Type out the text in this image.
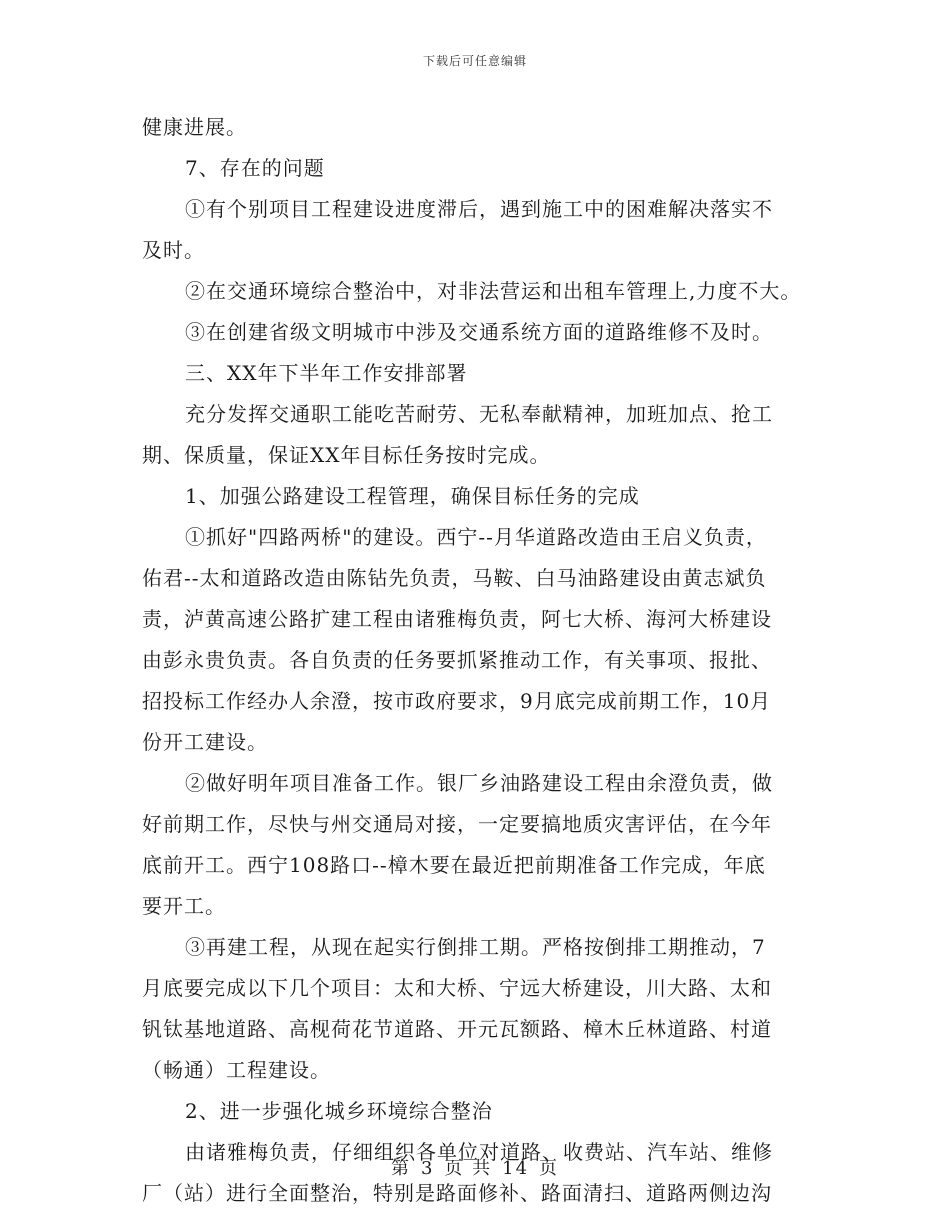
下载后可任意编辑
健康进展。
7、存在的问题
①有个别项目工程建设进度滞后，遇到施工中的困难解决落实不
及时。
②在交通环境综合整治中，对非法营运和出租车管理上,力度不大。
③在创建省级文明城市中涉及交通系统方面的道路维修不及时。
三、XX年下半年工作安排部署
充分发挥交通职工能吃苦耐劳、无私奉献精神，加班加点、抢工
期、保质量，保证XX年目标任务按时完成。
1、加强公路建设工程管理，确保目标任务的完成
①抓好"四路两桥"的建设。西宁--月华道路改造由王启义负责，
佑君--太和道路改造由陈钻先负责，马鞍、白马油路建设由黄志斌负
责，泸黄高速公路扩建工程由诸雅梅负责，阿七大桥、海河大桥建设
由彭永贵负责。各自负责的任务要抓紧推动工作，有关事项、报批、
招投标工作经办人余澄，按市政府要求，9月底完成前期工作，10月
份开工建设。
②做好明年项目准备工作。银厂乡油路建设工程由余澄负责，做
好前期工作，尽快与州交通局对接，一定要搞地质灾害评估，在今年
底前开工。西宁108路口--樟木要在最近把前期准备工作完成，年底
要开工。
③再建工程，从现在起实行倒排工期。严格按倒排工期推动，7
月底要完成以下几个项目：太和大桥、宁远大桥建设，川大路、太和
钒钛基地道路、高枧荷花节道路、开元瓦额路、樟木丘林道路、村道
（畅通）工程建设。
2、进一步强化城乡环境综合整治
由诸雅梅负责，仔细组织各单位对道路、收费站、汽车站、维修
厂（站）进行全面整治，特别是路面修补、路面清扫、道路两侧边沟
第 3 页 共 14 页
